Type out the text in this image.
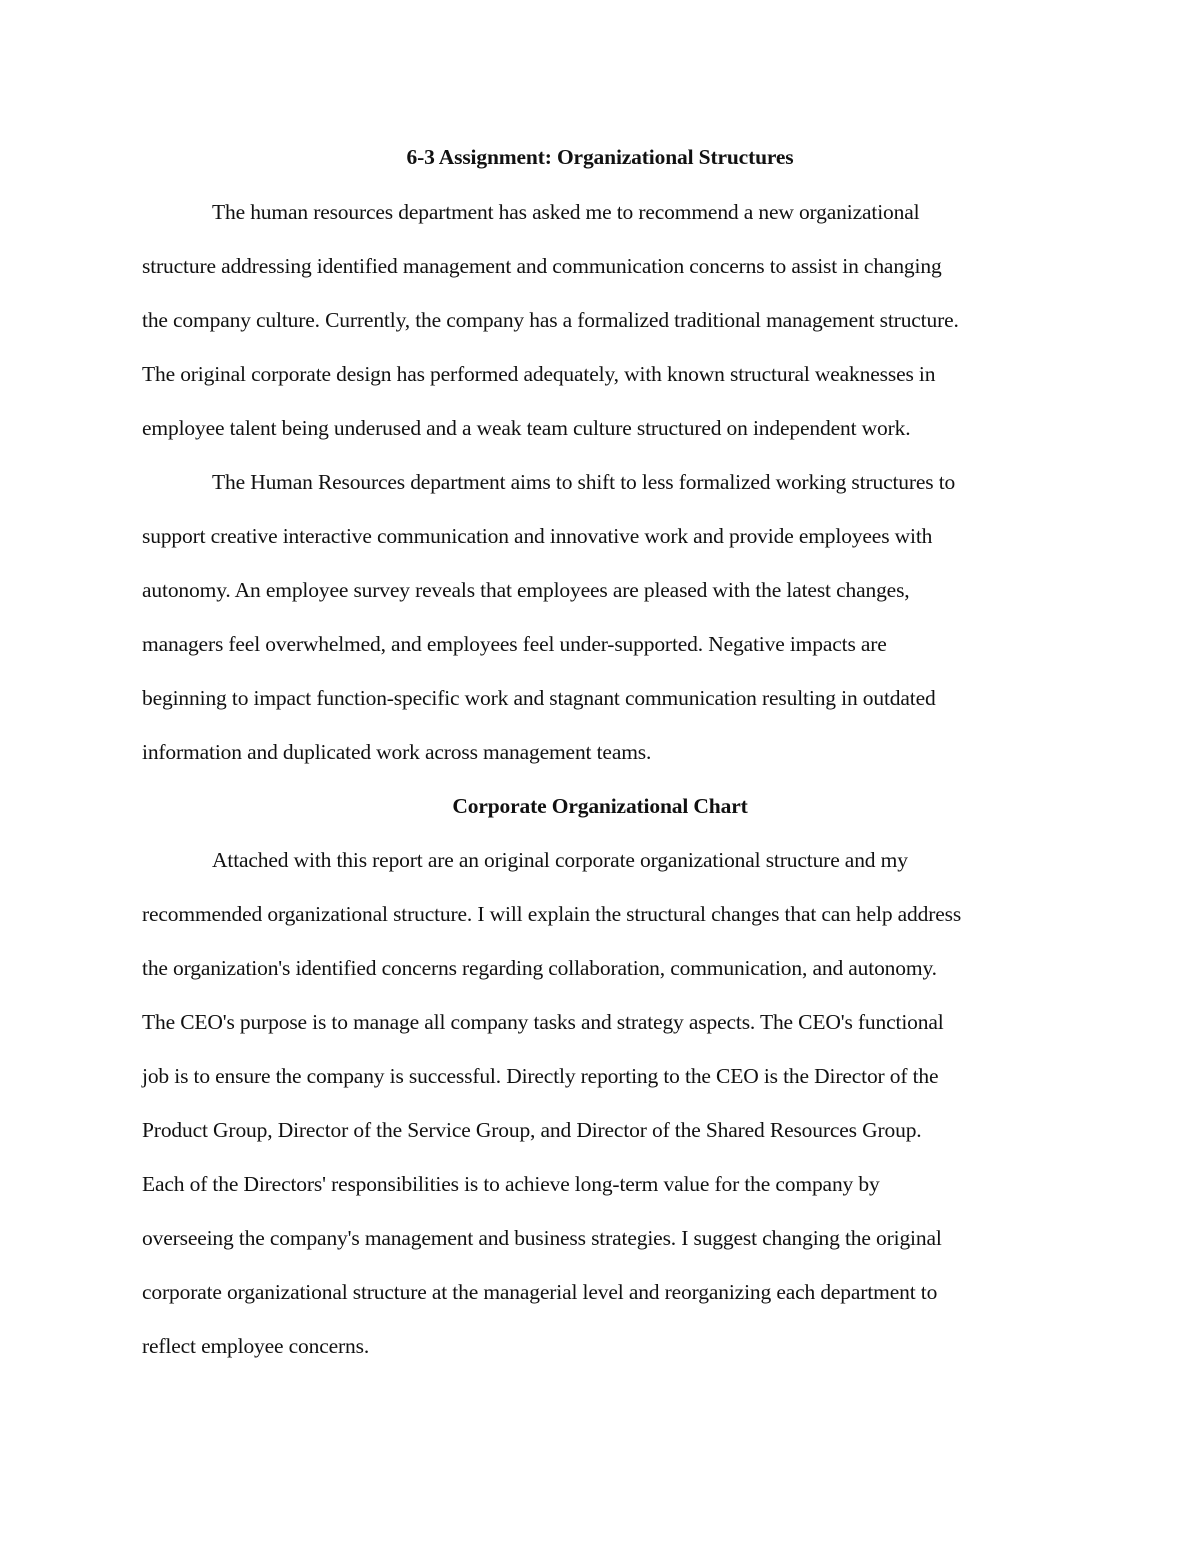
6-3 Assignment: Organizational Structures
The human resources department has asked me to recommend a new organizational
structure addressing identified management and communication concerns to assist in changing
the company culture. Currently, the company has a formalized traditional management structure.
The original corporate design has performed adequately, with known structural weaknesses in
employee talent being underused and a weak team culture structured on independent work.
The Human Resources department aims to shift to less formalized working structures to
support creative interactive communication and innovative work and provide employees with
autonomy. An employee survey reveals that employees are pleased with the latest changes,
managers feel overwhelmed, and employees feel under-supported. Negative impacts are
beginning to impact function-specific work and stagnant communication resulting in outdated
information and duplicated work across management teams.
Corporate Organizational Chart
Attached with this report are an original corporate organizational structure and my
recommended organizational structure. I will explain the structural changes that can help address
the organization's identified concerns regarding collaboration, communication, and autonomy.
The CEO's purpose is to manage all company tasks and strategy aspects. The CEO's functional
job is to ensure the company is successful. Directly reporting to the CEO is the Director of the
Product Group, Director of the Service Group, and Director of the Shared Resources Group.
Each of the Directors' responsibilities is to achieve long-term value for the company by
overseeing the company's management and business strategies. I suggest changing the original
corporate organizational structure at the managerial level and reorganizing each department to
reflect employee concerns.
